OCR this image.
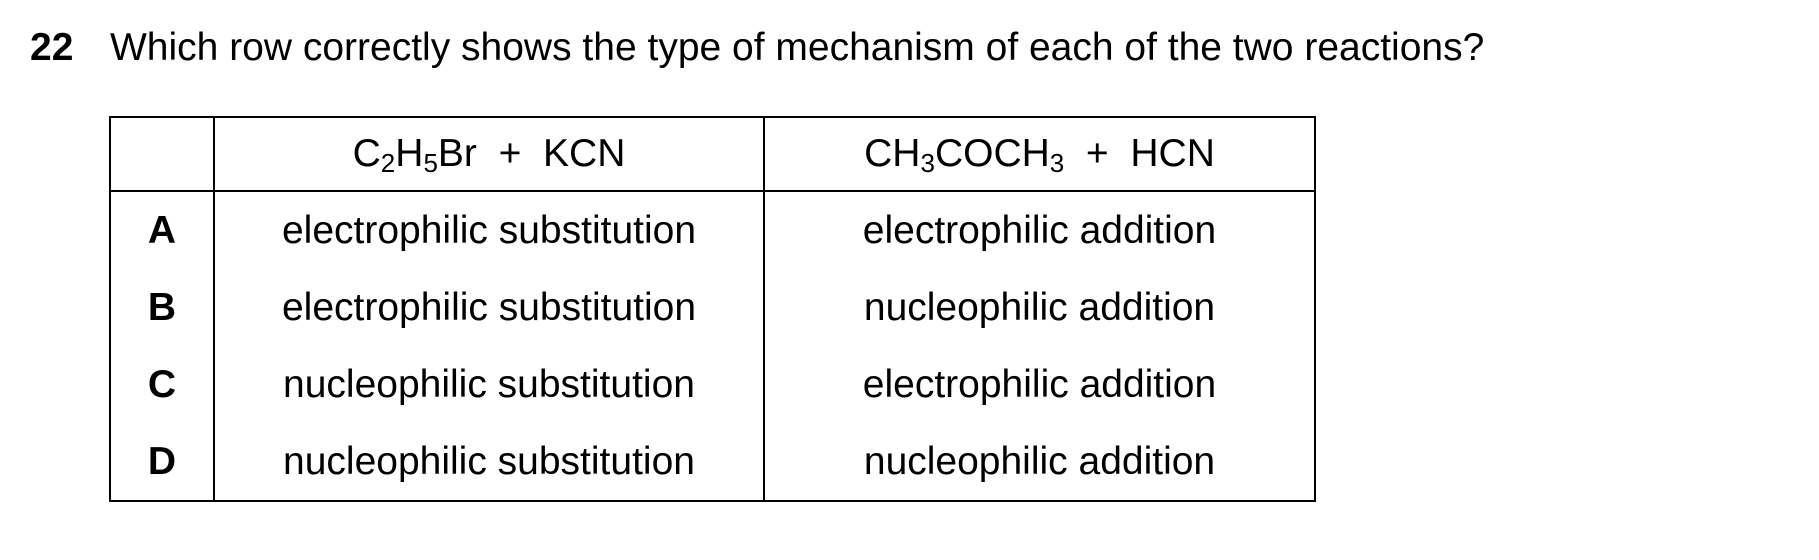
22 Which row correctly shows the type of mechanism of each of the two reactions?
	$C_2H_5Br$  +  KCN	$CH_3COCH_3$  +  HCN
A	electrophilic substitution	electrophilic addition
B	electrophilic substitution	nucleophilic addition
C	nucleophilic substitution	electrophilic addition
D	nucleophilic substitution	nucleophilic addition
